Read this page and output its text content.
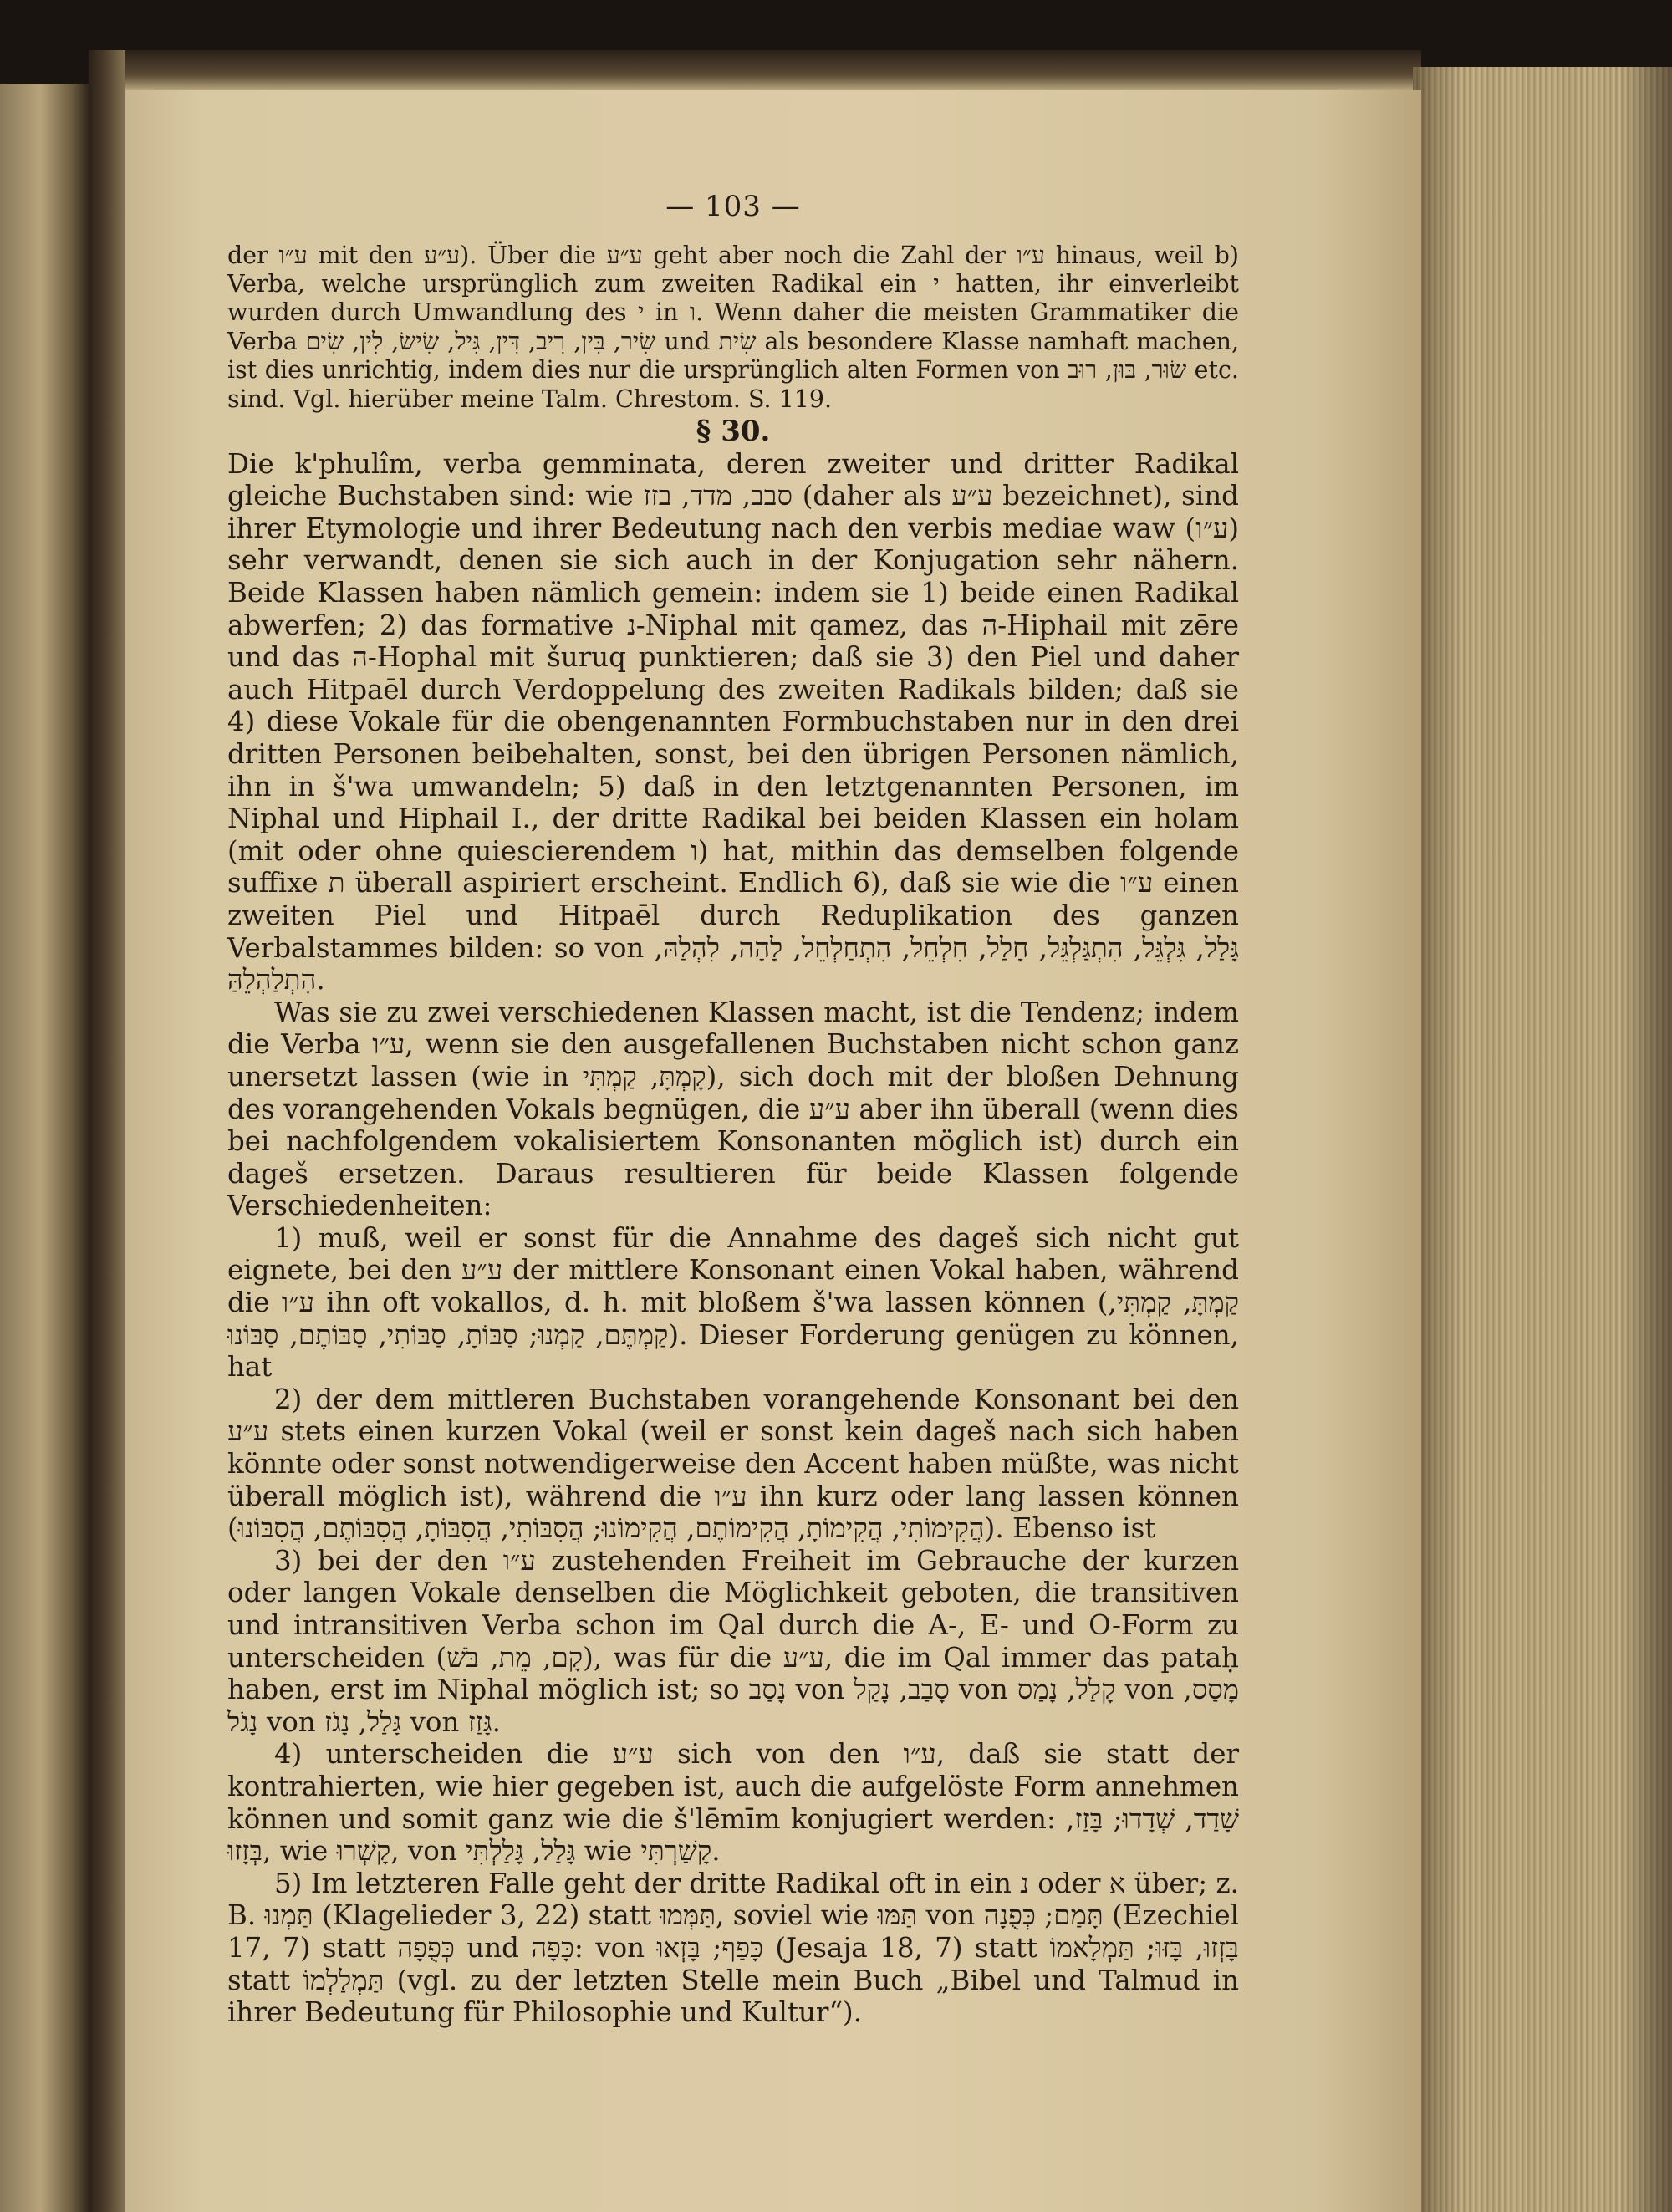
— 103 —

der ע״ו mit den ע״ע). Über die ע״ע geht aber noch die Zahl der ע״ו hinaus, weil b) Verba, welche ursprünglich zum zweiten Radikal ein י hatten, ihr einverleibt wurden durch Umwandlung des י in ו. Wenn daher die meisten Grammatiker die Verba שִׂיר, בִּין, רִיב, דִּין, גִּיל, שִׂישׂ, לִין, שִׂים und שִׂית als besondere Klasse namhaft machen, ist dies unrichtig, indem dies nur die ursprünglich alten Formen von שׂוּר, בּוּן, רוּב etc. sind. Vgl. hierüber meine Talm. Chrestom. S. 119.

§ 30.

Die k'phulîm, verba gemminata, deren zweiter und dritter Radikal gleiche Buchstaben sind: wie סבב, מדד, בזז (daher als ע״ע bezeichnet), sind ihrer Etymologie und ihrer Bedeutung nach den verbis mediae waw (ע״ו) sehr verwandt, denen sie sich auch in der Konjugation sehr nähern. Beide Klassen haben nämlich gemein: indem sie 1) beide einen Radikal abwerfen; 2) das formative נ-Niphal mit qamez, das ה-Hiphail mit zēre und das ה-Hophal mit šuruq punktieren; daß sie 3) den Piel und daher auch Hitpaēl durch Verdoppelung des zweiten Radikals bilden; daß sie 4) diese Vokale für die obengenannten Formbuchstaben nur in den drei dritten Personen beibehalten, sonst, bei den übrigen Personen nämlich, ihn in š'wa umwandeln; 5) daß in den letztgenannten Personen, im Niphal und Hiphail I., der dritte Radikal bei beiden Klassen ein holam (mit oder ohne quiescierendem ו) hat, mithin das demselben folgende suffixe ת überall aspiriert erscheint. Endlich 6), daß sie wie die ע״ו einen zweiten Piel und Hitpaēl durch Reduplikation des ganzen Verbalstammes bilden: so von גָּלַל, גִּלְגֵּל, הִתְגַּלְגֵּל, חָלַל, חִלְחֵל, הִתְחַלְחֵל, לָהָה, לִהְלַהּ, הִתְלַהְלֵהַּ.

Was sie zu zwei verschiedenen Klassen macht, ist die Tendenz; indem die Verba ע״ו, wenn sie den ausgefallenen Buchstaben nicht schon ganz unersetzt lassen (wie in קָמְתָּ, קַמְתִּי), sich doch mit der bloßen Dehnung des vorangehenden Vokals begnügen, die ע״ע aber ihn überall (wenn dies bei nachfolgendem vokalisiertem Konsonanten möglich ist) durch ein dageš ersetzen. Daraus resultieren für beide Klassen folgende Verschiedenheiten:

1) muß, weil er sonst für die Annahme des dageš sich nicht gut eignete, bei den ע״ע der mittlere Konsonant einen Vokal haben, während die ע״ו ihn oft vokallos, d. h. mit bloßem š'wa lassen können (קַמְתָּ, קַמְתִּי, קַמְתֶּם, קַמְנוּ; סַבּוֹתָ, סַבּוֹתִי, סַבּוֹתֶם, סַבּוֹנוּ). Dieser Forderung genügen zu können, hat

2) der dem mittleren Buchstaben vorangehende Konsonant bei den ע״ע stets einen kurzen Vokal (weil er sonst kein dageš nach sich haben könnte oder sonst notwendigerweise den Accent haben müßte, was nicht überall möglich ist), während die ע״ו ihn kurz oder lang lassen können (הֲקִימוֹתִי, הֲקִימוֹתָ, הֲקִימוֹתֶם, הֲקִימוֹנוּ; הֲסִבּוֹתִי, הֲסִבּוֹתָ, הֲסִבּוֹתֶם, הֲסִבּוֹנוּ). Ebenso ist

3) bei der den ע״ו zustehenden Freiheit im Gebrauche der kurzen oder langen Vokale denselben die Möglichkeit geboten, die transitiven und intransitiven Verba schon im Qal durch die A-, E- und O-Form zu unterscheiden (קָם, מֵת, בֹּשׁ), was für die ע״ע, die im Qal immer das pataḥ haben, erst im Niphal möglich ist; so נָסַב von סָבַב, נָקַל von קָלַל, נָמַס von מָסַס, נָגֹל von גָּלַל, נָגֹז von גָּזַז.

4) unterscheiden die ע״ע sich von den ע״ו, daß sie statt der kontrahierten, wie hier gegeben ist, auch die aufgelöste Form annehmen können und somit ganz wie die š'lēmīm konjugiert werden: שָׁדַד, שְׁדָדוּ; בָּזַז, בְּזָזוּ, wie קָשְׁרוּ, von גָּלַל, גָּלַלְתִּי wie קָשַׁרְתִּי.

5) Im letzteren Falle geht der dritte Radikal oft in ein נ oder א über; z. B. תַּמְנוּ (Klagelieder 3, 22) statt תַּמְּמוּ, soviel wie תַּמּוּ von תָּמַם; כְּפֻנָה (Ezechiel 17, 7) statt כְּפֻפָה und כָּפָה: von כָּפַף; בָּזְאוּ (Jesaja 18, 7) statt בָּזְזוּ, בָּזּוּ; תַּמְלָאמוֹ statt תַּמְלַלְמוֹ (vgl. zu der letzten Stelle mein Buch „Bibel und Talmud in ihrer Bedeutung für Philosophie und Kultur“).
